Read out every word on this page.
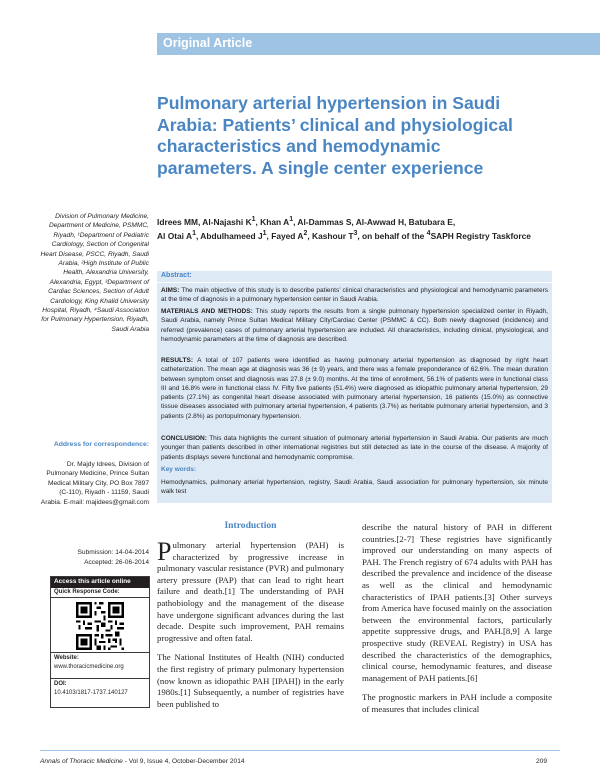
Original Article
Pulmonary arterial hypertension in Saudi Arabia: Patients’ clinical and physiological characteristics and hemodynamic parameters. A single center experience
Idrees MM, Al-Najashi $K^1$, Khan $A^1$, Al-Dammas S, Al-Awwad H, Batubara E,
Al Otai $A^1$, Abdulhameed $J^1$, Fayed $A^2$, Kashour $T^3$, on behalf of the $^4$SAPH Registry Taskforce
Division of Pulmonary Medicine, Department of Medicine, PSMMC, Riyadh, ¹Department of Pediatric Cardiology, Section of Congenital Heart Disease, PSCC, Riyadh, Saudi Arabia, ²High Institute of Public Health, Alexandria University, Alexandria, Egypt, ³Department of Cardiac Sciences, Section of Adult Cardiology, King Khalid University Hospital, Riyadh, ⁴Saudi Association for Pulmonary Hypertension, Riyadh, Saudi Arabia
Address for correspondence:
Dr. Majdy Idrees, Division of Pulmonary Medicine, Prince Sultan Medical Military City, PO Box 7897 (C-110), Riyadh - 11159, Saudi Arabia. E-mail: majidees@gmail.com
Submission: 14-04-2014
Accepted: 26-06-2014
Access this article online
Quick Response Code:
Website:
www.thoracicmedicine.org
DOI:
10.4103/1817-1737.140127
Abstract:

AIMS: The main objective of this study is to describe patients’ clinical characteristics and physiological and hemodynamic parameters at the time of diagnosis in a pulmonary hypertension center in Saudi Arabia.

MATERIALS AND METHODS: This study reports the results from a single pulmonary hypertension specialized center in Riyadh, Saudi Arabia, namely Prince Sultan Medical Military City/Cardiac Center (PSMMC & CC). Both newly diagnosed (incidence) and referred (prevalence) cases of pulmonary arterial hypertension are included. All characteristics, including clinical, physiological, and hemodynamic parameters at the time of diagnosis are described.

RESULTS: A total of 107 patients were identified as having pulmonary arterial hypertension as diagnosed by right heart catheterization. The mean age at diagnosis was 36 (± 9) years, and there was a female preponderance of 62.6%. The mean duration between symptom onset and diagnosis was 27.8 (± 9.0) months. At the time of enrollment, 56.1% of patients were in functional class III and 16.8% were in functional class IV. Fifty five patients (51.4%) were diagnosed as idiopathic pulmonary arterial hypertension, 29 patients (27.1%) as congenital heart disease associated with pulmonary arterial hypertension, 16 patients (15.0%) as connective tissue diseases associated with pulmonary arterial hypertension, 4 patients (3.7%) as heritable pulmonary arterial hypertension, and 3 patients (2.8%) as portopulmonary hypertension.

CONCLUSION: This data highlights the current situation of pulmonary arterial hypertension in Saudi Arabia. Our patients are much younger than patients described in other international registries but still detected as late in the course of the disease. A majority of patients displays severe functional and hemodynamic compromise.

Key words:

Hemodynamics, pulmonary arterial hypertension, registry, Saudi Arabia, Saudi association for pulmonary hypertension, six minute walk test

Introduction

Pulmonary arterial hypertension (PAH) is characterized by progressive increase in pulmonary vascular resistance (PVR) and pulmonary artery pressure (PAP) that can lead to right heart failure and death.[1] The understanding of PAH pathobiology and the management of the disease have undergone significant advances during the last decade. Despite such improvement, PAH remains progressive and often fatal.

The National Institutes of Health (NIH) conducted the first registry of primary pulmonary hypertension (now known as idiopathic PAH [IPAH]) in the early 1980s.[1] Subsequently, a number of registries have been published to

describe the natural history of PAH in different countries.[2-7] These registries have significantly improved our understanding on many aspects of PAH. The French registry of 674 adults with PAH has described the prevalence and incidence of the disease as well as the clinical and hemodynamic characteristics of IPAH patients.[3] Other surveys from America have focused mainly on the association between the environmental factors, particularly appetite suppressive drugs, and PAH.[8,9] A large prospective study (REVEAL Registry) in USA has described the characteristics of the demographics, clinical course, hemodynamic features, and disease management of PAH patients.[6]

The prognostic markers in PAH include a composite of measures that includes clinical

Annals of Thoracic Medicine - Vol 9, Issue 4, October-December 2014	209
